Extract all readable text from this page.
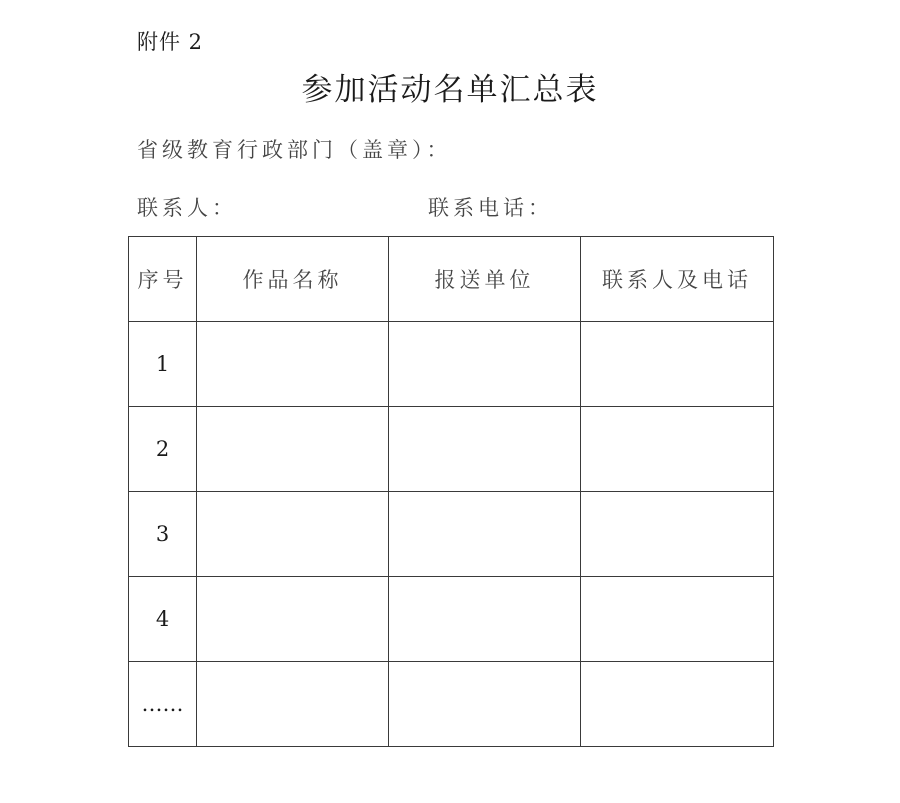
附件 2
参加活动名单汇总表
省级教育行政部门（盖章）：
联系人：	联系电话：
序号	作品名称	报送单位	联系人及电话
1			
2			
3			
4			
……			
